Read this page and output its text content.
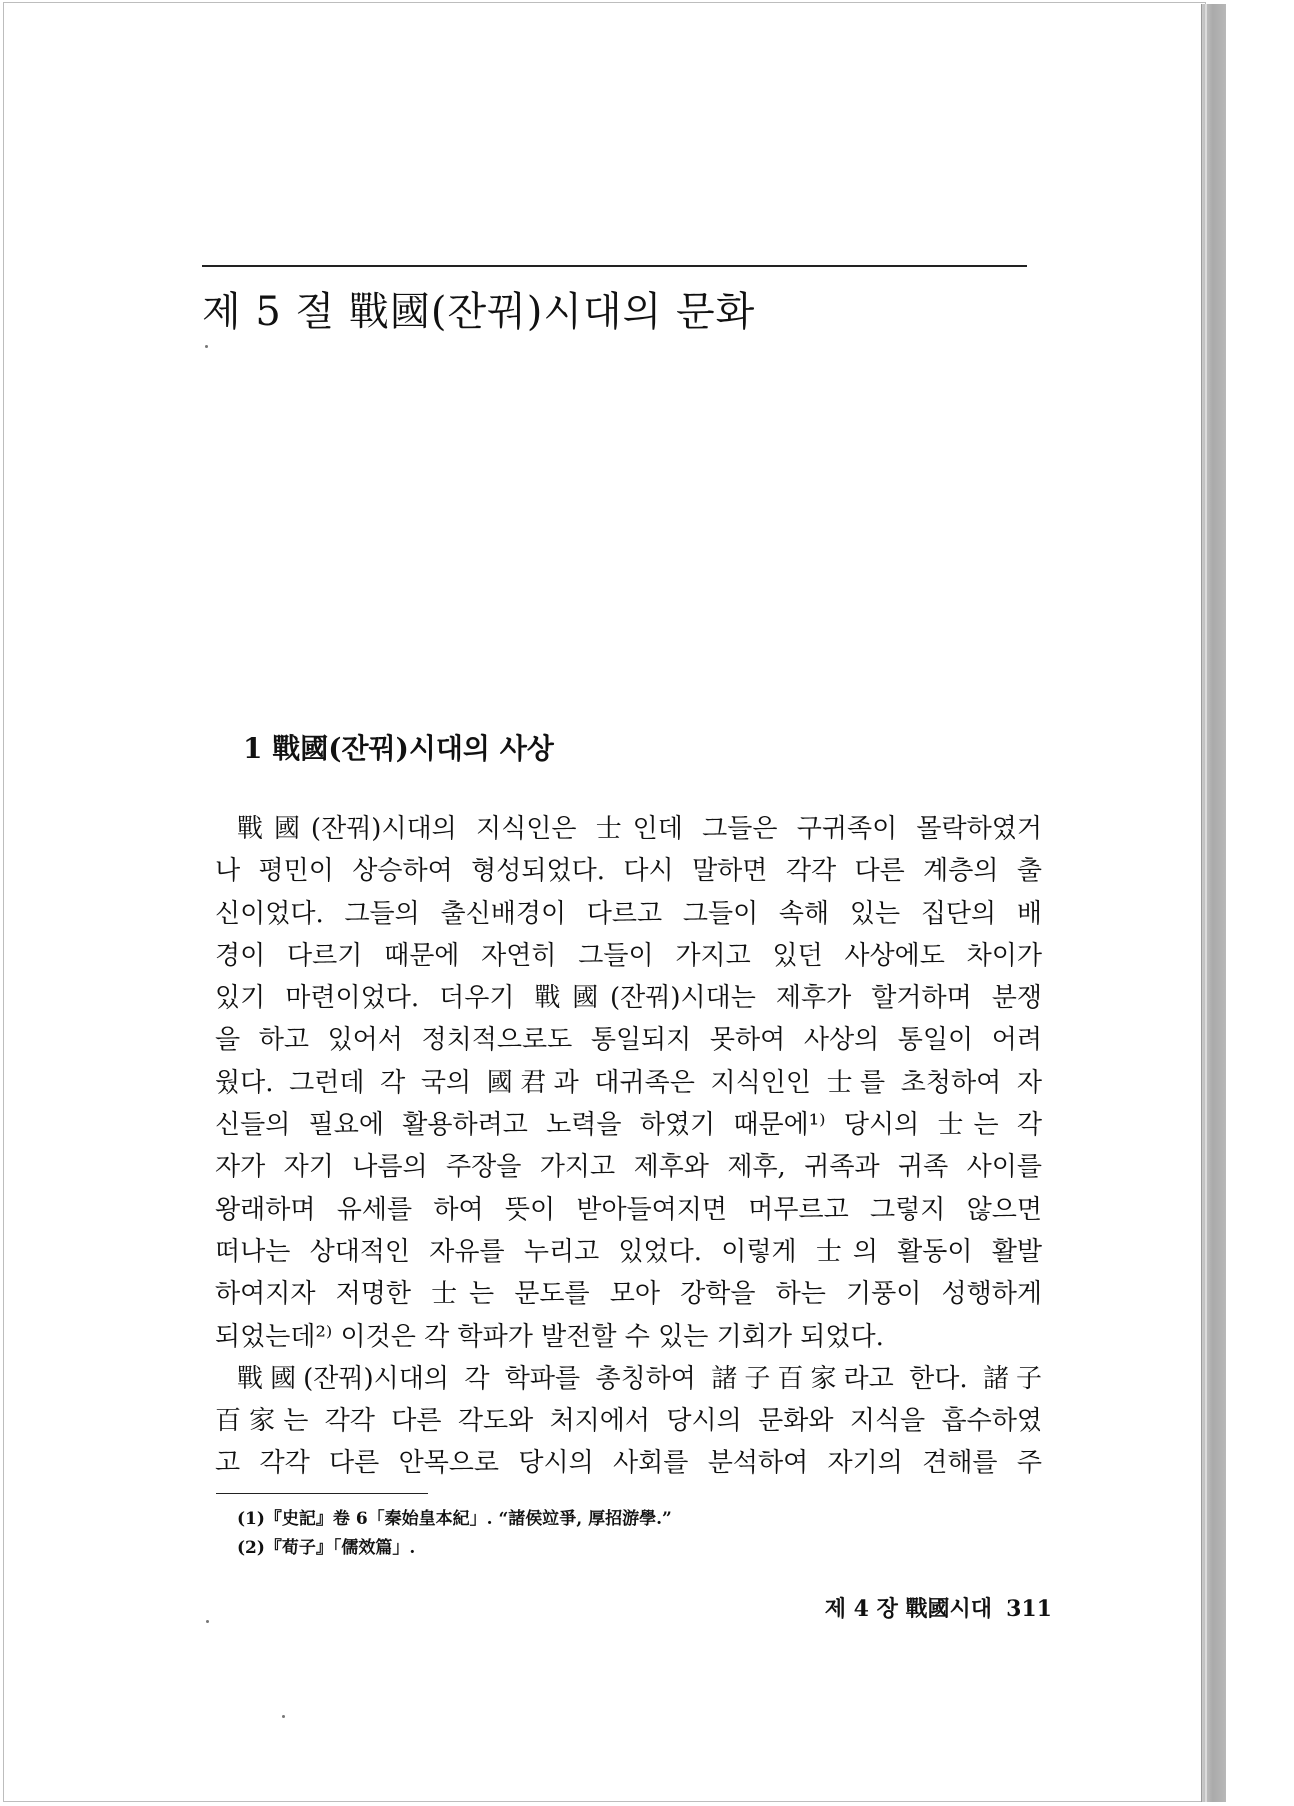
제 5 절 戰國(잔꿔)시대의 문화
1 戰國(잔꿔)시대의 사상
戰國(잔꿔)시대의 지식인은 士인데 그들은 구귀족이 몰락하였거
나 평민이 상승하여 형성되었다. 다시 말하면 각각 다른 계층의 출
신이었다. 그들의 출신배경이 다르고 그들이 속해 있는 집단의 배
경이 다르기 때문에 자연히 그들이 가지고 있던 사상에도 차이가
있기 마련이었다. 더우기 戰國(잔꿔)시대는 제후가 할거하며 분쟁
을 하고 있어서 정치적으로도 통일되지 못하여 사상의 통일이 어려
웠다. 그런데 각 국의 國君과 대귀족은 지식인인 士를 초청하여 자
신들의 필요에 활용하려고 노력을 하였기 때문에¹⁾ 당시의 士는 각
자가 자기 나름의 주장을 가지고 제후와 제후, 귀족과 귀족 사이를
왕래하며 유세를 하여 뜻이 받아들여지면 머무르고 그렇지 않으면
떠나는 상대적인 자유를 누리고 있었다. 이렇게 士의 활동이 활발
하여지자 저명한 士는 문도를 모아 강학을 하는 기풍이 성행하게
되었는데²⁾ 이것은 각 학파가 발전할 수 있는 기회가 되었다.
戰國(잔꿔)시대의 각 학파를 총칭하여 諸子百家라고 한다. 諸子
百家는 각각 다른 각도와 처지에서 당시의 문화와 지식을 흡수하였
고 각각 다른 안목으로 당시의 사회를 분석하여 자기의 견해를 주
(1)『史記』卷 6「秦始皇本紀」. “諸侯竝爭, 厚招游學.”
(2)『荀子』「儒效篇」.
제 4 장 戰國시대 311
